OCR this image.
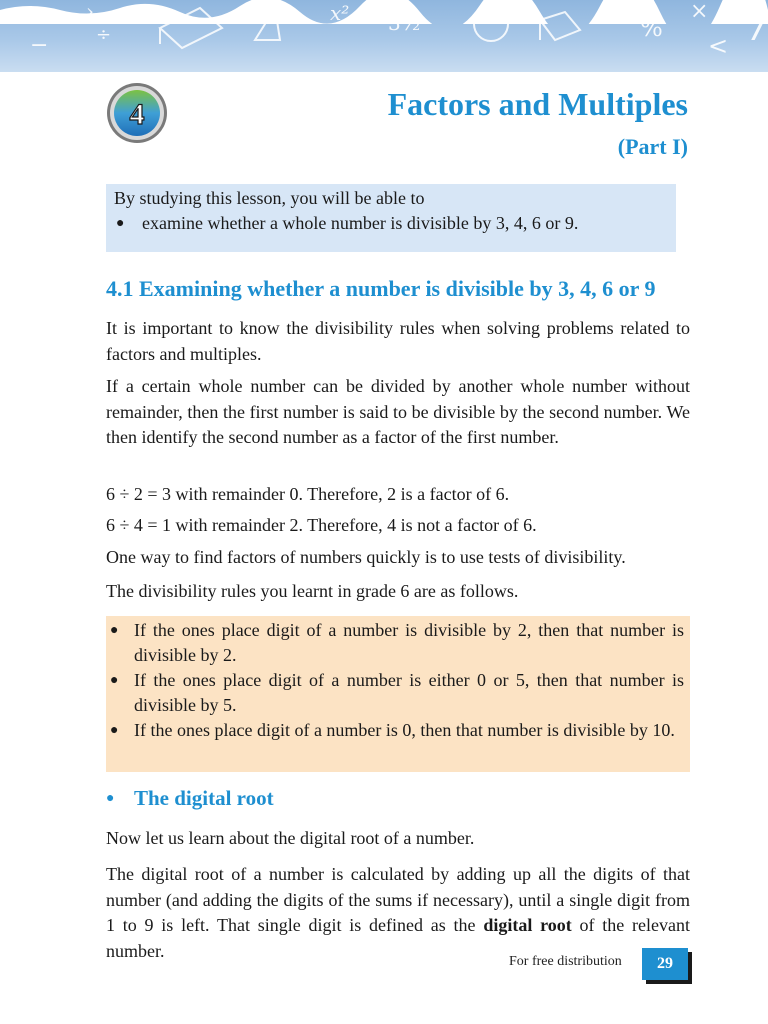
−
›
÷
x²
%
×
< 7
4	Factors and Multiples
(Part I)
By studying this lesson, you will be able to
● examine whether a whole number is divisible by 3, 4, 6 or 9.
4.1 Examining whether a number is divisible by 3, 4, 6 or 9

It is important to know the divisibility rules when solving problems related to factors and multiples.

If a certain whole number can be divided by another whole number without remainder, then the first number is said to be divisible by the second number. We then identify the second number as a factor of the first number.

6 ÷ 2 = 3 with remainder 0. Therefore, 2 is a factor of 6.

6 ÷ 4 = 1 with remainder 2. Therefore, 4 is not a factor of 6.

One way to find factors of numbers quickly is to use tests of divisibility.

The divisibility rules you learnt in grade 6 are as follows.

● If the ones place digit of a number is divisible by 2, then that number is divisible by 2.
● If the ones place digit of a number is either 0 or 5, then that number is divisible by 5.
● If the ones place digit of a number is 0, then that number is divisible by 10.
● The digital root

Now let us learn about the digital root of a number.

The digital root of a number is calculated by adding up all the digits of that number (and adding the digits of the sums if necessary), until a single digit from 1 to 9 is left. That single digit is defined as the digital root of the relevant number.

For free distribution	29
